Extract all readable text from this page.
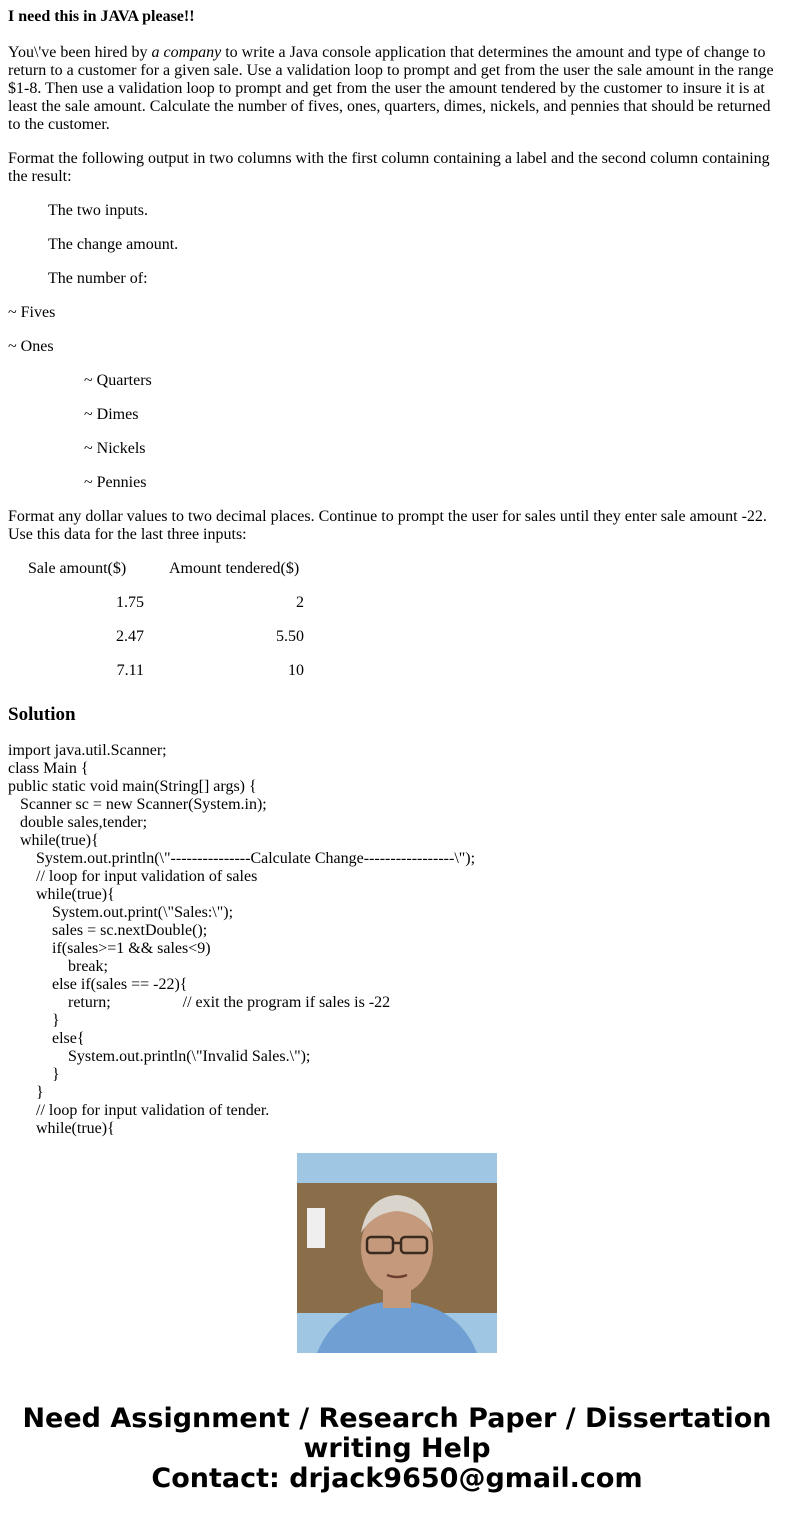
I need this in JAVA please!!

You\'ve been hired by a company to write a Java console application that determines the amount and type of change to return to a customer for a given sale. Use a validation loop to prompt and get from the user the sale amount in the range $1-8. Then use a validation loop to prompt and get from the user the amount tendered by the customer to insure it is at least the sale amount. Calculate the number of fives, ones, quarters, dimes, nickels, and pennies that should be returned to the customer.

Format the following output in two columns with the first column containing a label and the second column containing the result:

The two inputs.

The change amount.

The number of:

~ Fives

~ Ones

~ Quarters

~ Dimes

~ Nickels

~ Pennies

Format any dollar values to two decimal places. Continue to prompt the user for sales until they enter sale amount -22. Use this data for the last three inputs:

Sale amount($)	Amount tendered($)
1.75	2
2.47	5.50
7.11	10
Solution
import java.util.Scanner;
class Main {
public static void main(String[] args) {
Scanner sc = new Scanner(System.in);
double sales,tender;
while(true){
System.out.println(\"---------------Calculate Change-----------------\");
// loop for input validation of sales
while(true){
System.out.print(\"Sales:\");
sales = sc.nextDouble();
if(sales>=1 && sales<9)
break;
else if(sales == -22){
return;                  // exit the program if sales is -22
}
else{
System.out.println(\"Invalid Sales.\");
}
}
// loop for input validation of tender.
while(true){
Need Assignment / Research Paper / Dissertation
writing Help
Contact: drjack9650@gmail.com
